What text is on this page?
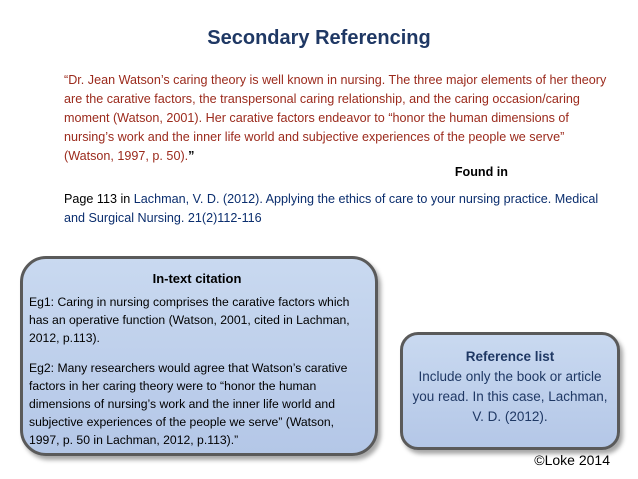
Secondary Referencing
“Dr. Jean Watson’s caring theory is well known in nursing. The three major elements of her theory are the carative factors, the transpersonal caring relationship, and the caring occasion/caring moment (Watson, 2001). Her carative factors endeavor to “honor the human dimensions of nursing’s work and the inner life world and subjective experiences of the people we serve” (Watson, 1997, p. 50).”
Found in
Page 113 in Lachman, V. D. (2012). Applying the ethics of care to your nursing practice. Medical and Surgical Nursing. 21(2)112-116
In-text citation

Eg1: Caring in nursing comprises the carative factors which has an operative function (Watson, 2001, cited in Lachman, 2012, p.113).

Eg2: Many researchers would agree that Watson’s carative factors in her caring theory were to “honor the human dimensions of nursing’s work and the inner life world and subjective experiences of the people we serve” (Watson, 1997, p. 50 in Lachman, 2012, p.113).”

Reference list
Include only the book or article you read. In this case, Lachman, V. D. (2012).
©Loke 2014
